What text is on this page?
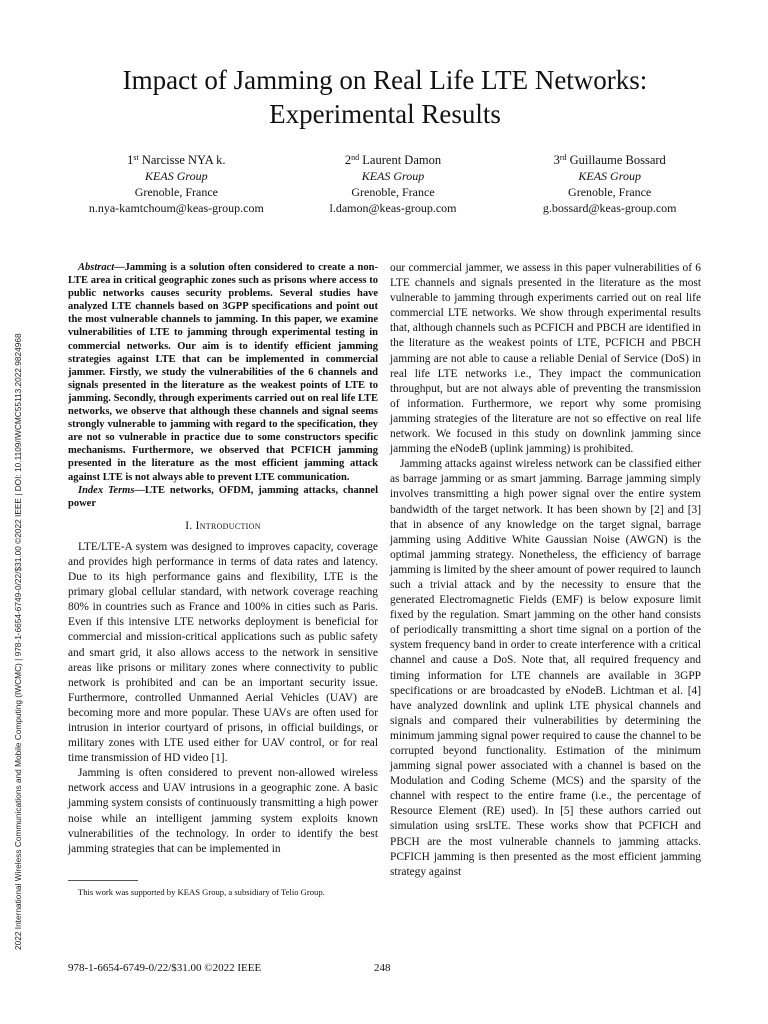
2022 International Wireless Communications and Mobile Computing (IWCMC) | 978-1-6654-6749-0/22/$31.00 ©2022 IEEE | DOI: 10.1109/IWCMC55113.2022.9824968
Impact of Jamming on Real Life LTE Networks:
Experimental Results
1st Narcisse NYA k.
KEAS Group
Grenoble, France
n.nya-kamtchoum@keas-group.com
2nd Laurent Damon
KEAS Group
Grenoble, France
l.damon@keas-group.com
3rd Guillaume Bossard
KEAS Group
Grenoble, France
g.bossard@keas-group.com

Abstract—Jamming is a solution often considered to create a non-LTE area in critical geographic zones such as prisons where access to public networks causes security problems. Several studies have analyzed LTE channels based on 3GPP specifications and point out the most vulnerable channels to jamming. In this paper, we examine vulnerabilities of LTE to jamming through experimental testing in commercial networks. Our aim is to identify efficient jamming strategies against LTE that can be implemented in commercial jammer. Firstly, we study the vulnerabilities of the 6 channels and signals presented in the literature as the weakest points of LTE to jamming. Secondly, through experiments carried out on real life LTE networks, we observe that although these channels and signal seems strongly vulnerable to jamming with regard to the specification, they are not so vulnerable in practice due to some constructors specific mechanisms. Furthermore, we observed that PCFICH jamming presented in the literature as the most efficient jamming attack against LTE is not always able to prevent LTE communication.

Index Terms—LTE networks, OFDM, jamming attacks, channel power

I. Introduction

LTE/LTE-A system was designed to improves capacity, coverage and provides high performance in terms of data rates and latency. Due to its high performance gains and flexibility, LTE is the primary global cellular standard, with network coverage reaching 80% in countries such as France and 100% in cities such as Paris. Even if this intensive LTE networks deployment is beneficial for commercial and mission-critical applications such as public safety and smart grid, it also allows access to the network in sensitive areas like prisons or military zones where connectivity to public network is prohibited and can be an important security issue. Furthermore, controlled Unmanned Aerial Vehicles (UAV) are becoming more and more popular. These UAVs are often used for intrusion in interior courtyard of prisons, in official buildings, or military zones with LTE used either for UAV control, or for real time transmission of HD video [1].

Jamming is often considered to prevent non-allowed wireless network access and UAV intrusions in a geographic zone. A basic jamming system consists of continuously transmitting a high power noise while an intelligent jamming system exploits known vulnerabilities of the technology. In order to identify the best jamming strategies that can be implemented in

our commercial jammer, we assess in this paper vulnerabilities of 6 LTE channels and signals presented in the literature as the most vulnerable to jamming through experiments carried out on real life commercial LTE networks. We show through experimental results that, although channels such as PCFICH and PBCH are identified in the literature as the weakest points of LTE, PCFICH and PBCH jamming are not able to cause a reliable Denial of Service (DoS) in real life LTE networks i.e., They impact the communication throughput, but are not always able of preventing the transmission of information. Furthermore, we report why some promising jamming strategies of the literature are not so effective on real life network. We focused in this study on downlink jamming since jamming the eNodeB (uplink jamming) is prohibited.

Jamming attacks against wireless network can be classified either as barrage jamming or as smart jamming. Barrage jamming simply involves transmitting a high power signal over the entire system bandwidth of the target network. It has been shown by [2] and [3] that in absence of any knowledge on the target signal, barrage jamming using Additive White Gaussian Noise (AWGN) is the optimal jamming strategy. Nonetheless, the efficiency of barrage jamming is limited by the sheer amount of power required to launch such a trivial attack and by the necessity to ensure that the generated Electromagnetic Fields (EMF) is below exposure limit fixed by the regulation. Smart jamming on the other hand consists of periodically transmitting a short time signal on a portion of the system frequency band in order to create interference with a critical channel and cause a DoS. Note that, all required frequency and timing information for LTE channels are available in 3GPP specifications or are broadcasted by eNodeB. Lichtman et al. [4] have analyzed downlink and uplink LTE physical channels and signals and compared their vulnerabilities by determining the minimum jamming signal power required to cause the channel to be corrupted beyond functionality. Estimation of the minimum jamming signal power associated with a channel is based on the Modulation and Coding Scheme (MCS) and the sparsity of the channel with respect to the entire frame (i.e., the percentage of Resource Element (RE) used). In [5] these authors carried out simulation using srsLTE. These works show that PCFICH and PBCH are the most vulnerable channels to jamming attacks. PCFICH jamming is then presented as the most efficient jamming strategy against

This work was supported by KEAS Group, a subsidiary of Telio Group.
978-1-6654-6749-0/22/$31.00 ©2022 IEEE	248
